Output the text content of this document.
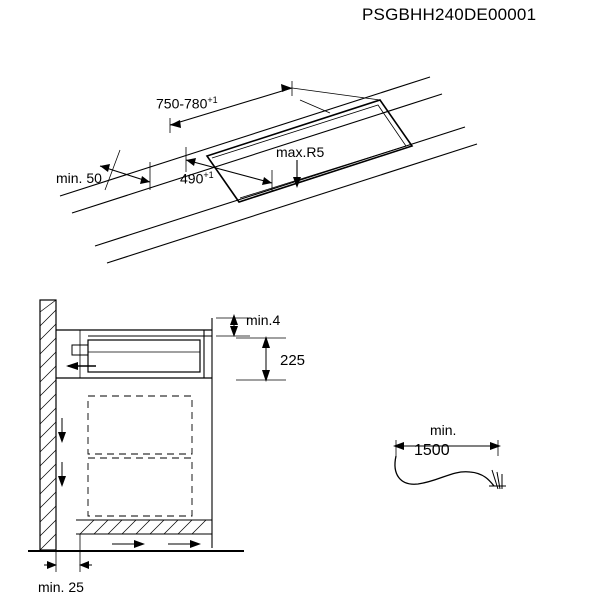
PSGBHH240DE00001
$750-780^{+1}$
$490^{+1}$
min. 50
max.R5
min.4
225
min. 25
min.
1500
